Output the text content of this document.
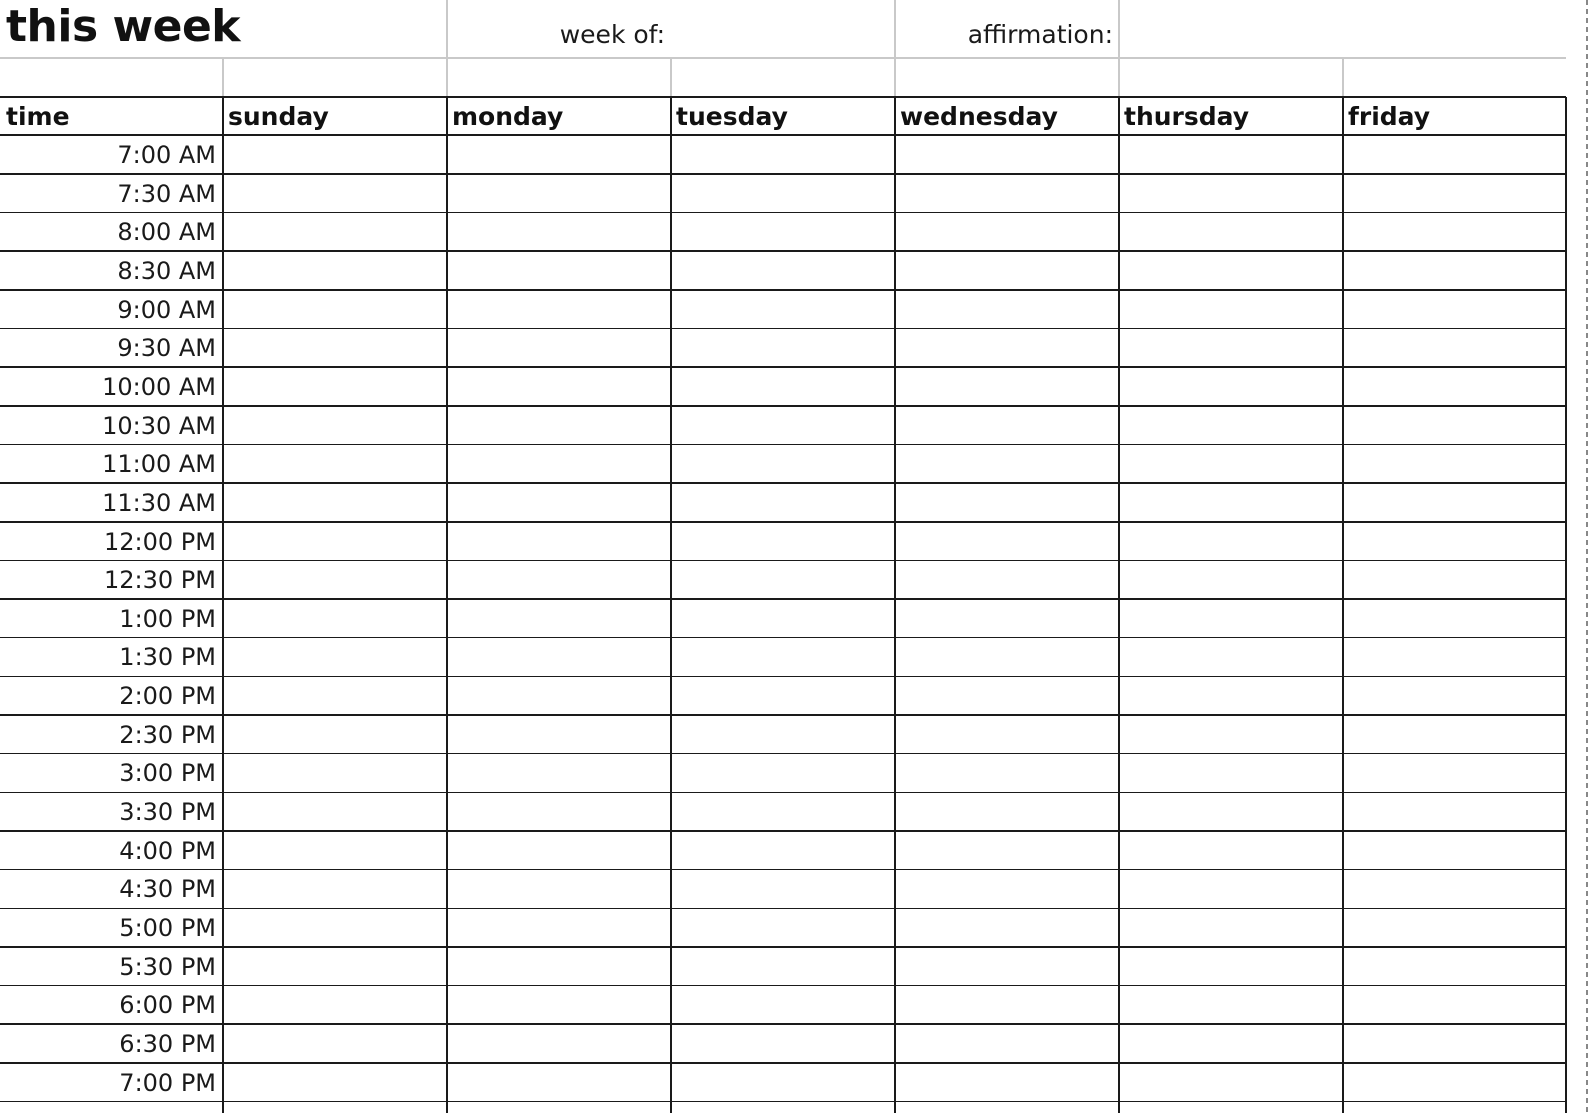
this week	week of:	affirmation:
time	sunday	monday	tuesday	wednesday	thursday	friday
7:00 AM
7:30 AM
8:00 AM
8:30 AM
9:00 AM
9:30 AM
10:00 AM
10:30 AM
11:00 AM
11:30 AM
12:00 PM
12:30 PM
1:00 PM
1:30 PM
2:00 PM
2:30 PM
3:00 PM
3:30 PM
4:00 PM
4:30 PM
5:00 PM
5:30 PM
6:00 PM
6:30 PM
7:00 PM
